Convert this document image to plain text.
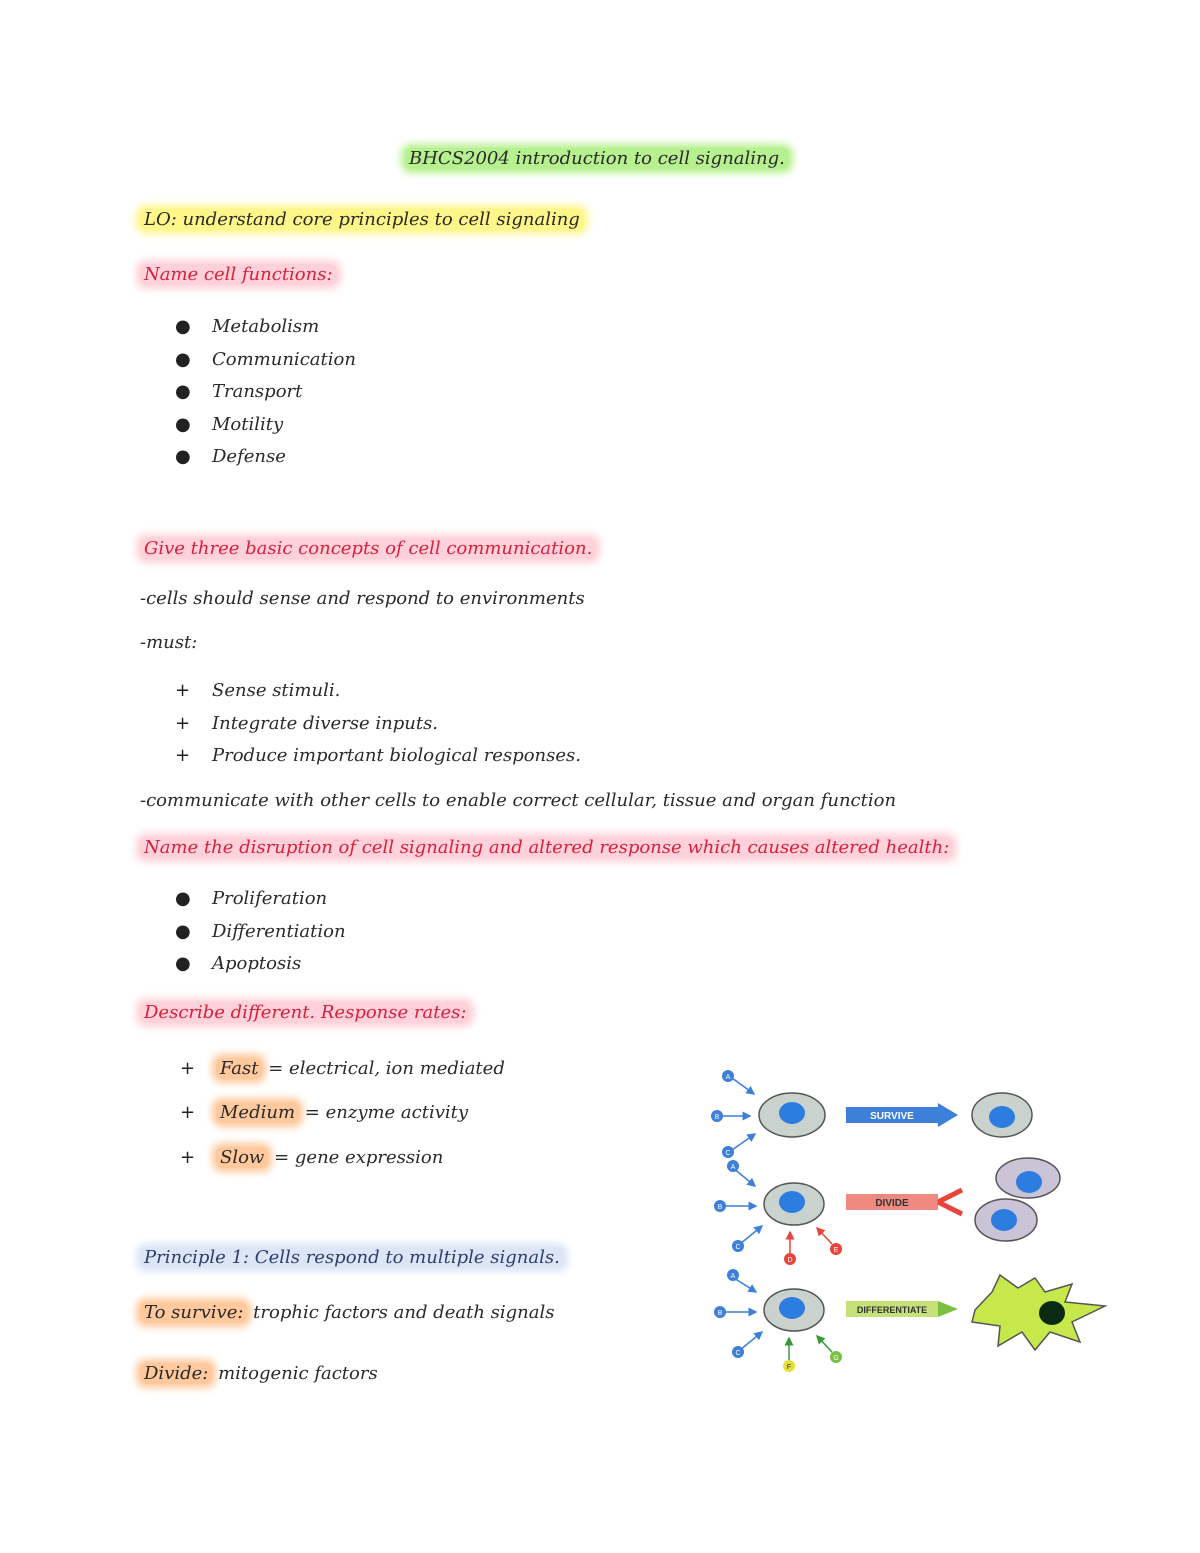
BHCS2004 introduction to cell signaling.
LO: understand core principles to cell signaling
Name cell functions:
● Metabolism
● Communication
● Transport
● Motility
● Defense
Give three basic concepts of cell communication.
-cells should sense and respond to environments
-must:
+ Sense stimuli.
+ Integrate diverse inputs.
+ Produce important biological responses.
-communicate with other cells to enable correct cellular, tissue and organ function
Name the disruption of cell signaling and altered response which causes altered health:
● Proliferation
● Differentiation
● Apoptosis
Describe different. Response rates:
+ Fast = electrical, ion mediated
+ Medium = enzyme activity
+ Slow = gene expression
Principle 1: Cells respond to multiple signals.
To survive: trophic factors and death signals
Divide: mitogenic factors
A
B
C
SURVIVE
A
B
C
D
E
DIVIDE
A
B
C
F
G
DIFFERENTIATE
